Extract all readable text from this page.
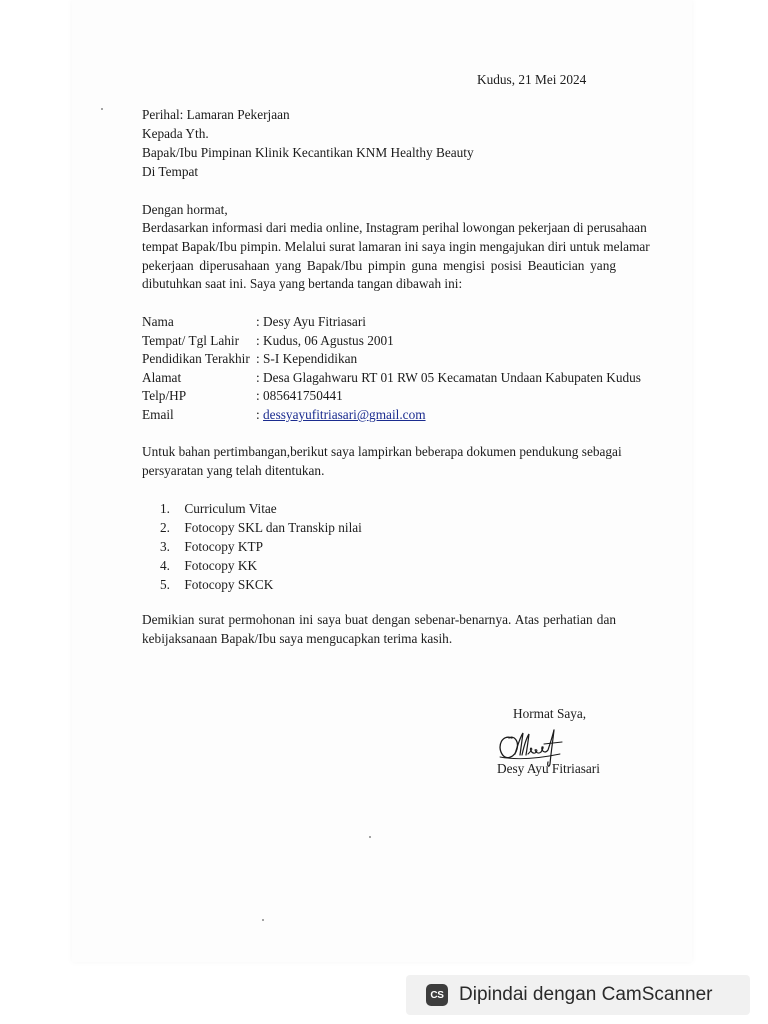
Kudus, 21 Mei 2024
Perihal: Lamaran Pekerjaan
Kepada Yth.
Bapak/Ibu Pimpinan Klinik Kecantikan KNM Healthy Beauty
Di Tempat
Dengan hormat,
Berdasarkan informasi dari media online, Instagram perihal lowongan pekerjaan di perusahaan
tempat Bapak/Ibu pimpin. Melalui surat lamaran ini saya ingin mengajukan diri untuk melamar
pekerjaan diperusahaan yang Bapak/Ibu pimpin guna mengisi posisi Beautician yang
dibutuhkan saat ini. Saya yang bertanda tangan dibawah ini:
Nama	: Desy Ayu Fitriasari
Tempat/ Tgl Lahir : Kudus, 06 Agustus 2001
Pendidikan Terakhir : S-I Kependidikan
Alamat	: Desa Glagahwaru RT 01 RW 05 Kecamatan Undaan Kabupaten Kudus
Telp/HP	: 085641750441
Email	: dessyayufitriasari@gmail.com
Untuk bahan pertimbangan,berikut saya lampirkan beberapa dokumen pendukung sebagai
persyaratan yang telah ditentukan.
1. Curriculum Vitae
2. Fotocopy SKL dan Transkip nilai
3. Fotocopy KTP
4. Fotocopy KK
5. Fotocopy SKCK
Demikian surat permohonan ini saya buat dengan sebenar-benarnya. Atas perhatian dan
kebijaksanaan Bapak/Ibu saya mengucapkan terima kasih.
Hormat Saya,
Desy Ayu Fitriasari
CS Dipindai dengan CamScanner
